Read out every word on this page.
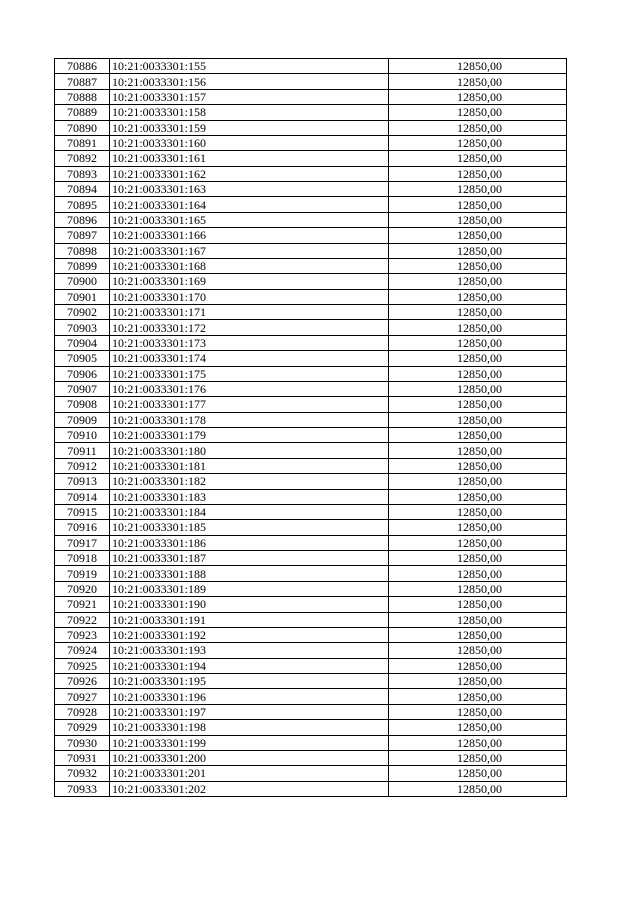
70886	10:21:0033301:155	12850,00
70887	10:21:0033301:156	12850,00
70888	10:21:0033301:157	12850,00
70889	10:21:0033301:158	12850,00
70890	10:21:0033301:159	12850,00
70891	10:21:0033301:160	12850,00
70892	10:21:0033301:161	12850,00
70893	10:21:0033301:162	12850,00
70894	10:21:0033301:163	12850,00
70895	10:21:0033301:164	12850,00
70896	10:21:0033301:165	12850,00
70897	10:21:0033301:166	12850,00
70898	10:21:0033301:167	12850,00
70899	10:21:0033301:168	12850,00
70900	10:21:0033301:169	12850,00
70901	10:21:0033301:170	12850,00
70902	10:21:0033301:171	12850,00
70903	10:21:0033301:172	12850,00
70904	10:21:0033301:173	12850,00
70905	10:21:0033301:174	12850,00
70906	10:21:0033301:175	12850,00
70907	10:21:0033301:176	12850,00
70908	10:21:0033301:177	12850,00
70909	10:21:0033301:178	12850,00
70910	10:21:0033301:179	12850,00
70911	10:21:0033301:180	12850,00
70912	10:21:0033301:181	12850,00
70913	10:21:0033301:182	12850,00
70914	10:21:0033301:183	12850,00
70915	10:21:0033301:184	12850,00
70916	10:21:0033301:185	12850,00
70917	10:21:0033301:186	12850,00
70918	10:21:0033301:187	12850,00
70919	10:21:0033301:188	12850,00
70920	10:21:0033301:189	12850,00
70921	10:21:0033301:190	12850,00
70922	10:21:0033301:191	12850,00
70923	10:21:0033301:192	12850,00
70924	10:21:0033301:193	12850,00
70925	10:21:0033301:194	12850,00
70926	10:21:0033301:195	12850,00
70927	10:21:0033301:196	12850,00
70928	10:21:0033301:197	12850,00
70929	10:21:0033301:198	12850,00
70930	10:21:0033301:199	12850,00
70931	10:21:0033301:200	12850,00
70932	10:21:0033301:201	12850,00
70933	10:21:0033301:202	12850,00
